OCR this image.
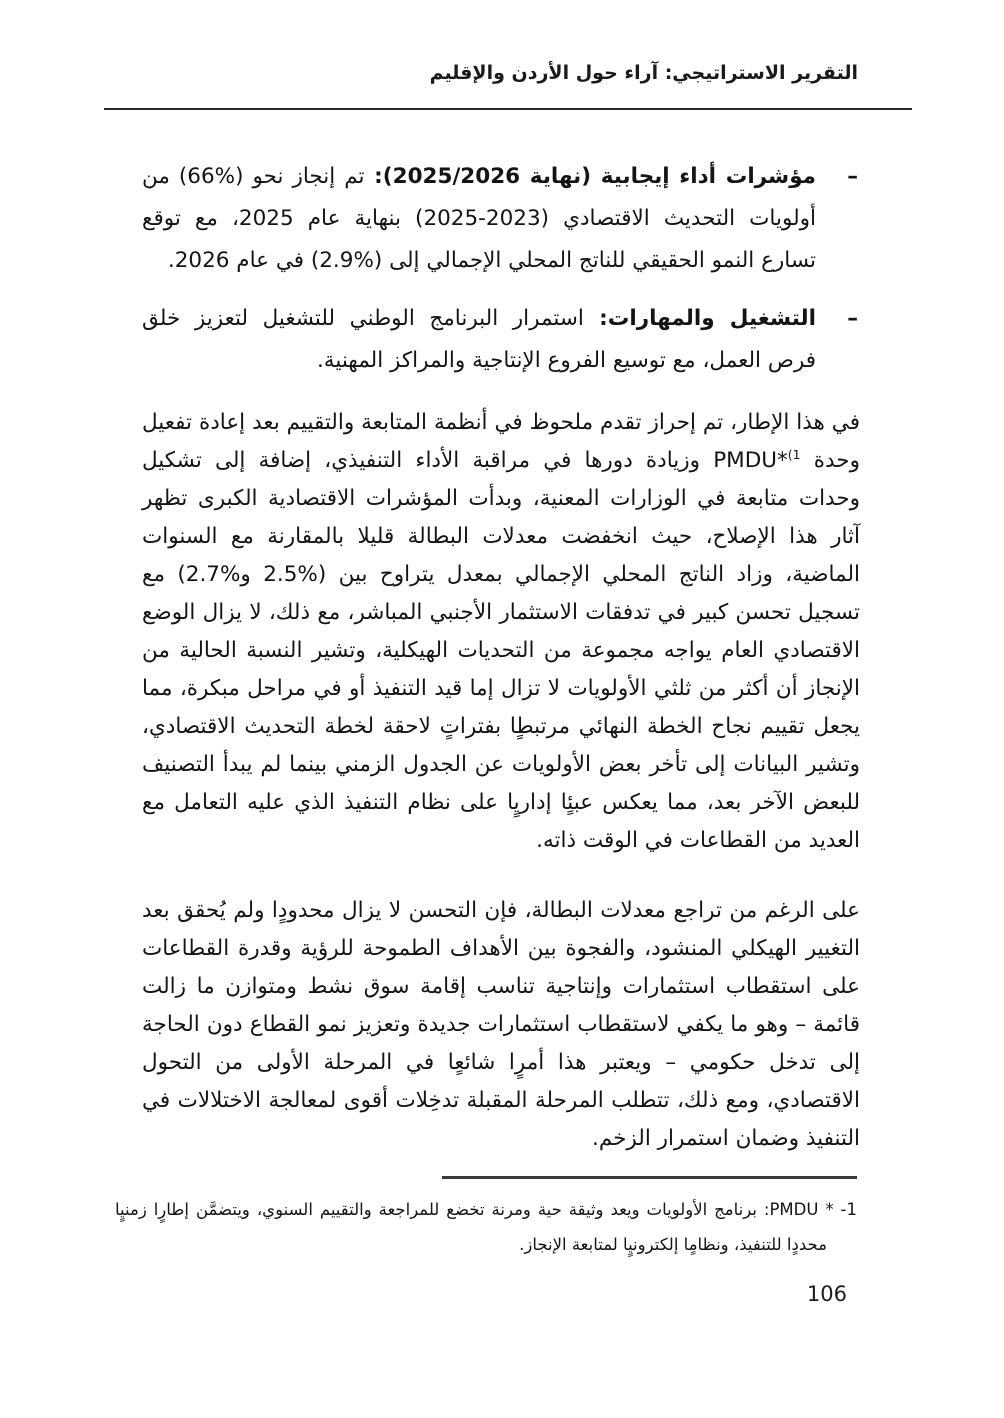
التقرير الاستراتيجي: آراء حول الأردن والإقليم
–

مؤشرات أداء إيجابية (نهاية 2025/2026): تم إنجاز نحو (%66) من أولويات التحديث الاقتصادي (2023-2025) بنهاية عام 2025، مع توقع تسارع النمو الحقيقي للناتج المحلي الإجمالي إلى (%2.9) في عام 2026.

–

التشغيل والمهارات: استمرار البرنامج الوطني للتشغيل لتعزيز خلق فرص العمل، مع توسيع الفروع الإنتاجية والمراكز المهنية.

في هذا الإطار، تم إحراز تقدم ملحوظ في أنظمة المتابعة والتقييم بعد إعادة تفعيل وحدة PMDU*$^{(1}$ وزيادة دورها في مراقبة الأداء التنفيذي، إضافة إلى تشكيل وحدات متابعة في الوزارات المعنية، وبدأت المؤشرات الاقتصادية الكبرى تظهر آثار هذا الإصلاح، حيث انخفضت معدلات البطالة قليلا بالمقارنة مع السنوات الماضية، وزاد الناتج المحلي الإجمالي بمعدل يتراوح بين (%2.5 و%2.7) مع تسجيل تحسن كبير في تدفقات الاستثمار الأجنبي المباشر، مع ذلك، لا يزال الوضع الاقتصادي العام يواجه مجموعة من التحديات الهيكلية، وتشير النسبة الحالية من الإنجاز أن أكثر من ثلثي الأولويات لا تزال إما قيد التنفيذ أو في مراحل مبكرة، مما يجعل تقييم نجاح الخطة النهائي مرتبطٍا بفتراتٍ لاحقة لخطة التحديث الاقتصادي، وتشير البيانات إلى تأخر بعض الأولويات عن الجدول الزمني بينما لم يبدأ التصنيف للبعض الآخر بعد، مما يعكس عبئٍا إداريٍا على نظام التنفيذ الذي عليه التعامل مع العديد من القطاعات في الوقت ذاته.

على الرغم من تراجع معدلات البطالة، فإن التحسن لا يزال محدودٍا ولم يُحقق بعد التغيير الهيكلي المنشود، والفجوة بين الأهداف الطموحة للرؤية وقدرة القطاعات على استقطاب استثمارات وإنتاجية تناسب إقامة سوق نشط ومتوازن ما زالت قائمة – وهو ما يكفي لاستقطاب استثمارات جديدة وتعزيز نمو القطاع دون الحاجة إلى تدخل حكومي – ويعتبر هذا أمرٍا شائعٍا في المرحلة الأولى من التحول الاقتصادي، ومع ذلك، تتطلب المرحلة المقبلة تدخِلات أقوى لمعالجة الاختلالات في التنفيذ وضمان استمرار الزخم.

1- * PMDU: برنامج الأولويات ويعد وثيقة حية ومرنة تخضع للمراجعة والتقييم السنوي، ويتضمَّن إطارٍا زمنيٍا محددٍا للتنفيذ، ونظامٍا إلكترونيٍا لمتابعة الإنجاز.

106
